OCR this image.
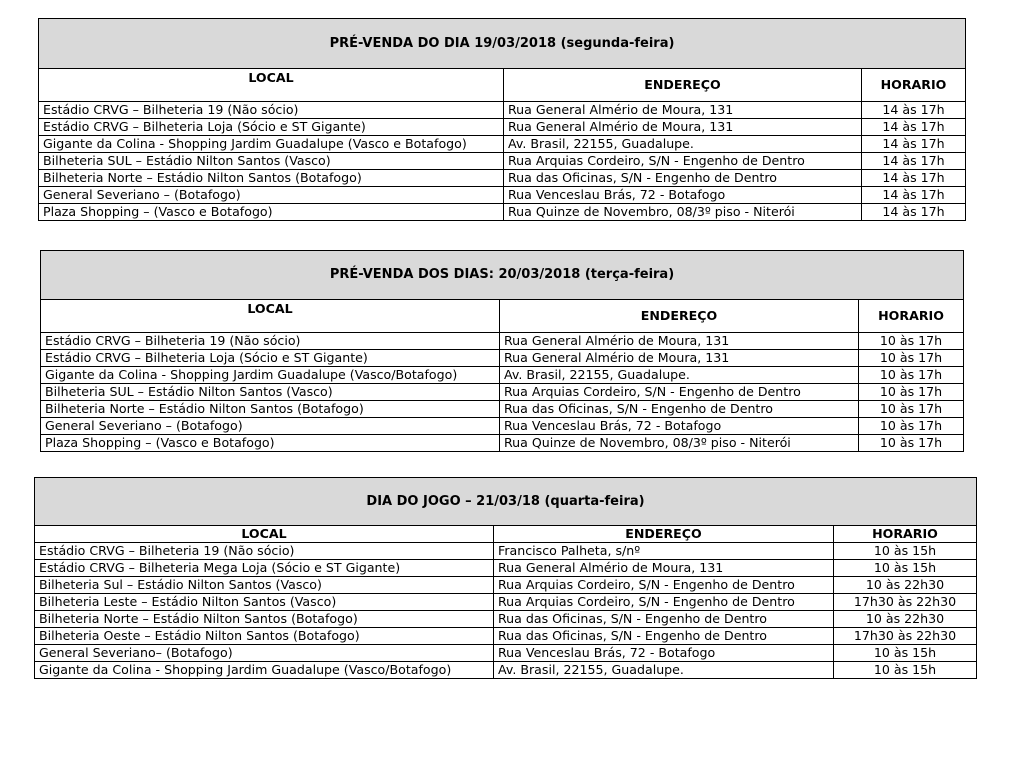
PRÉ-VENDA DO DIA 19/03/2018 (segunda-feira)		
LOCAL	ENDEREÇO	HORARIO
Estádio CRVG – Bilheteria 19 (Não sócio)	Rua General Almério de Moura, 131	14 às 17h
Estádio CRVG – Bilheteria Loja (Sócio e ST Gigante)	Rua General Almério de Moura, 131	14 às 17h
Gigante da Colina - Shopping Jardim Guadalupe (Vasco e Botafogo)	Av. Brasil, 22155, Guadalupe.	14 às 17h
Bilheteria SUL – Estádio Nilton Santos (Vasco)	Rua Arquias Cordeiro, S/N - Engenho de Dentro	14 às 17h
Bilheteria Norte – Estádio Nilton Santos (Botafogo)	Rua das Oficinas, S/N - Engenho de Dentro	14 às 17h
General Severiano – (Botafogo)	Rua Venceslau Brás, 72 - Botafogo	14 às 17h
Plaza Shopping – (Vasco e Botafogo)	Rua Quinze de Novembro, 08/3º piso - Niterói	14 às 17h
PRÉ-VENDA DOS DIAS: 20/03/2018 (terça-feira)		
LOCAL	ENDEREÇO	HORARIO
Estádio CRVG – Bilheteria 19 (Não sócio)	Rua General Almério de Moura, 131	10 às 17h
Estádio CRVG – Bilheteria Loja (Sócio e ST Gigante)	Rua General Almério de Moura, 131	10 às 17h
Gigante da Colina - Shopping Jardim Guadalupe (Vasco/Botafogo)	Av. Brasil, 22155, Guadalupe.	10 às 17h
Bilheteria SUL – Estádio Nilton Santos (Vasco)	Rua Arquias Cordeiro, S/N - Engenho de Dentro	10 às 17h
Bilheteria Norte – Estádio Nilton Santos (Botafogo)	Rua das Oficinas, S/N - Engenho de Dentro	10 às 17h
General Severiano – (Botafogo)	Rua Venceslau Brás, 72 - Botafogo	10 às 17h
Plaza Shopping – (Vasco e Botafogo)	Rua Quinze de Novembro, 08/3º piso - Niterói	10 às 17h
DIA DO JOGO – 21/03/18 (quarta-feira)		
LOCAL	ENDEREÇO	HORARIO
Estádio CRVG – Bilheteria 19 (Não sócio)	Francisco Palheta, s/nº	10 às 15h
Estádio CRVG – Bilheteria Mega Loja (Sócio e ST Gigante)	Rua General Almério de Moura, 131	10 às 15h
Bilheteria Sul – Estádio Nilton Santos (Vasco)	Rua Arquias Cordeiro, S/N - Engenho de Dentro	10 às 22h30
Bilheteria Leste – Estádio Nilton Santos (Vasco)	Rua Arquias Cordeiro, S/N - Engenho de Dentro	17h30 às 22h30
Bilheteria Norte – Estádio Nilton Santos (Botafogo)	Rua das Oficinas, S/N - Engenho de Dentro	10 às 22h30
Bilheteria Oeste – Estádio Nilton Santos (Botafogo)	Rua das Oficinas, S/N - Engenho de Dentro	17h30 às 22h30
General Severiano– (Botafogo)	Rua Venceslau Brás, 72 - Botafogo	10 às 15h
Gigante da Colina - Shopping Jardim Guadalupe (Vasco/Botafogo)	Av. Brasil, 22155, Guadalupe.	10 às 15h
